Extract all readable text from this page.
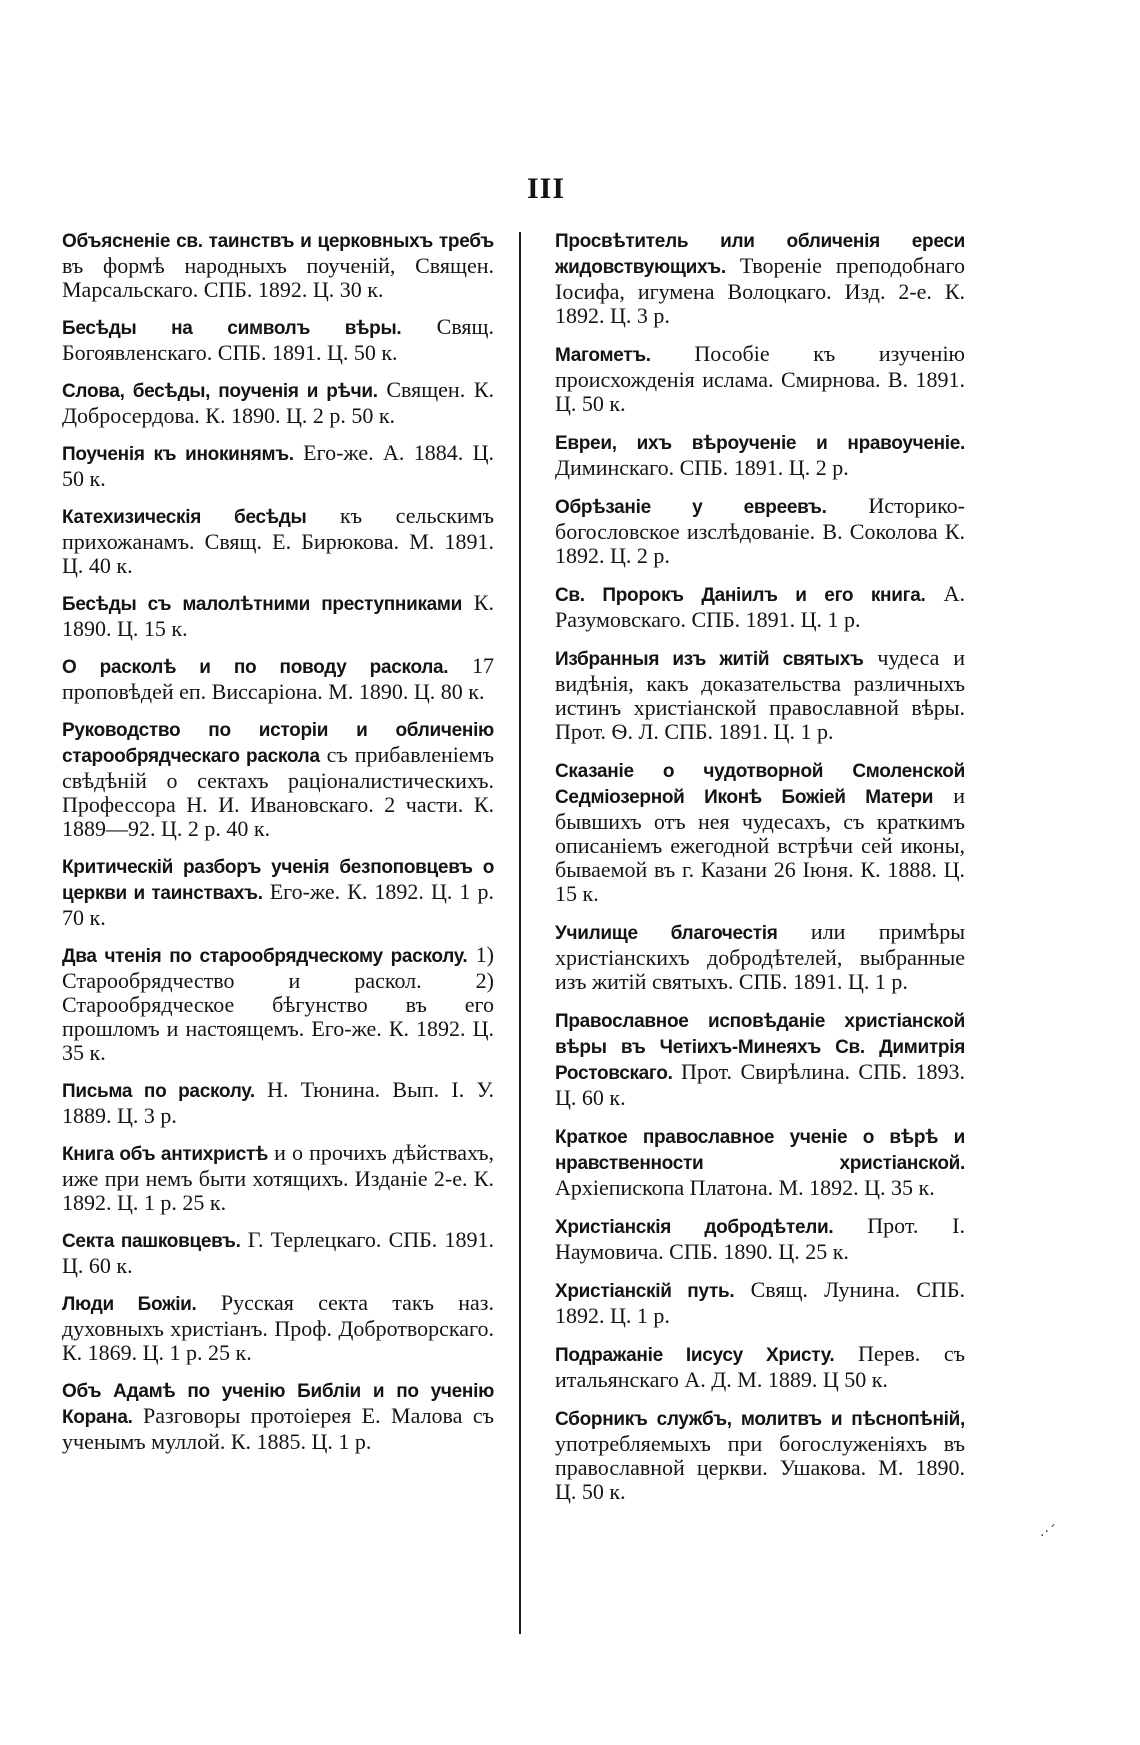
III

Объясненіе св. таинствъ и церковныхъ требъ въ формѣ народныхъ поученій, Священ. Марсальскаго. СПБ. 1892. Ц. 30 к.

Бесѣды на символъ вѣры. Свящ. Богоявленскаго. СПБ. 1891. Ц. 50 к.

Слова, бесѣды, поученія и рѣчи. Священ. К. Добросердова. К. 1890. Ц. 2 р. 50 к.

Поученія къ инокинямъ. Его-же. А. 1884. Ц. 50 к.

Катехизическія бесѣды къ сельскимъ прихожанамъ. Свящ. Е. Бирюкова. М. 1891. Ц. 40 к.

Бесѣды съ малолѣтними преступниками К. 1890. Ц. 15 к.

О расколѣ и по поводу раскола. 17 проповѣдей еп. Виссаріона. М. 1890. Ц. 80 к.

Руководство по исторіи и обличенію старообрядческаго раскола съ прибавленіемъ свѣдѣній о сектахъ раціоналистическихъ. Профессора Н. И. Ивановскаго. 2 части. К. 1889—92. Ц. 2 р. 40 к.

Критическій разборъ ученія безпоповцевъ о церкви и таинствахъ. Его-же. К. 1892. Ц. 1 р. 70 к.

Два чтенія по старообрядческому расколу. 1) Старообрядчество и раскол. 2) Старообрядческое бѣгунство въ его прошломъ и настоящемъ. Его-же. К. 1892. Ц. 35 к.

Письма по расколу. Н. Тюнина. Вып. I. У. 1889. Ц. 3 р.

Книга объ антихристѣ и о прочихъ дѣйствахъ, иже при немъ быти хотящихъ. Изданіе 2-е. К. 1892. Ц. 1 р. 25 к.

Секта пашковцевъ. Г. Терлецкаго. СПБ. 1891. Ц. 60 к.

Люди Божіи. Русская секта такъ наз. духовныхъ христіанъ. Проф. Добротворскаго. К. 1869. Ц. 1 р. 25 к.

Объ Адамѣ по ученію Библіи и по ученію Корана. Разговоры протоіерея Е. Малова съ ученымъ муллой. К. 1885. Ц. 1 р.

Просвѣтитель или обличенія ереси жидовствующихъ. Твореніе преподобнаго Іосифа, игумена Волоцкаго. Изд. 2-е. К. 1892. Ц. 3 р.

Магометъ. Пособіе къ изученію происхожденія ислама. Смирнова. В. 1891. Ц. 50 к.

Евреи, ихъ вѣроученіе и нравоученіе. Диминскаго. СПБ. 1891. Ц. 2 р.

Обрѣзаніе у евреевъ. Историко-богословское изслѣдованіе. В. Соколова К. 1892. Ц. 2 р.

Св. Пророкъ Даніилъ и его книга. А. Разумовскаго. СПБ. 1891. Ц. 1 р.

Избранныя изъ житій святыхъ чудеса и видѣнія, какъ доказательства различныхъ истинъ христіанской православной вѣры. Прот. Ѳ. Л. СПБ. 1891. Ц. 1 р.

Сказаніе о чудотворной Смоленской Седміозерной Иконѣ Божіей Матери и бывшихъ отъ нея чудесахъ, съ краткимъ описаніемъ ежегодной встрѣчи сей иконы, бываемой въ г. Казани 26 Іюня. К. 1888. Ц. 15 к.

Училище благочестія или примѣры христіанскихъ добродѣтелей, выбранные изъ житій святыхъ. СПБ. 1891. Ц. 1 р.

Православное исповѣданіе христіанской вѣры въ Четіихъ-Минеяхъ Св. Димитрія Ростовскаго. Прот. Свирѣлина. СПБ. 1893. Ц. 60 к.

Краткое православное ученіе о вѣрѣ и нравственности христіанской. Архіепископа Платона. М. 1892. Ц. 35 к.

Христіанскія добродѣтели. Прот. І. Наумовича. СПБ. 1890. Ц. 25 к.

Христіанскій путь. Свящ. Лунина. СПБ. 1892. Ц. 1 р.

Подражаніе Іисусу Христу. Перев. съ итальянскаго А. Д. М. 1889. Ц 50 к.

Сборникъ службъ, молитвъ и пѣснопѣній, употребляемыхъ при богослуженіяхъ въ православной церкви. Ушакова. М. 1890. Ц. 50 к.

.·´
